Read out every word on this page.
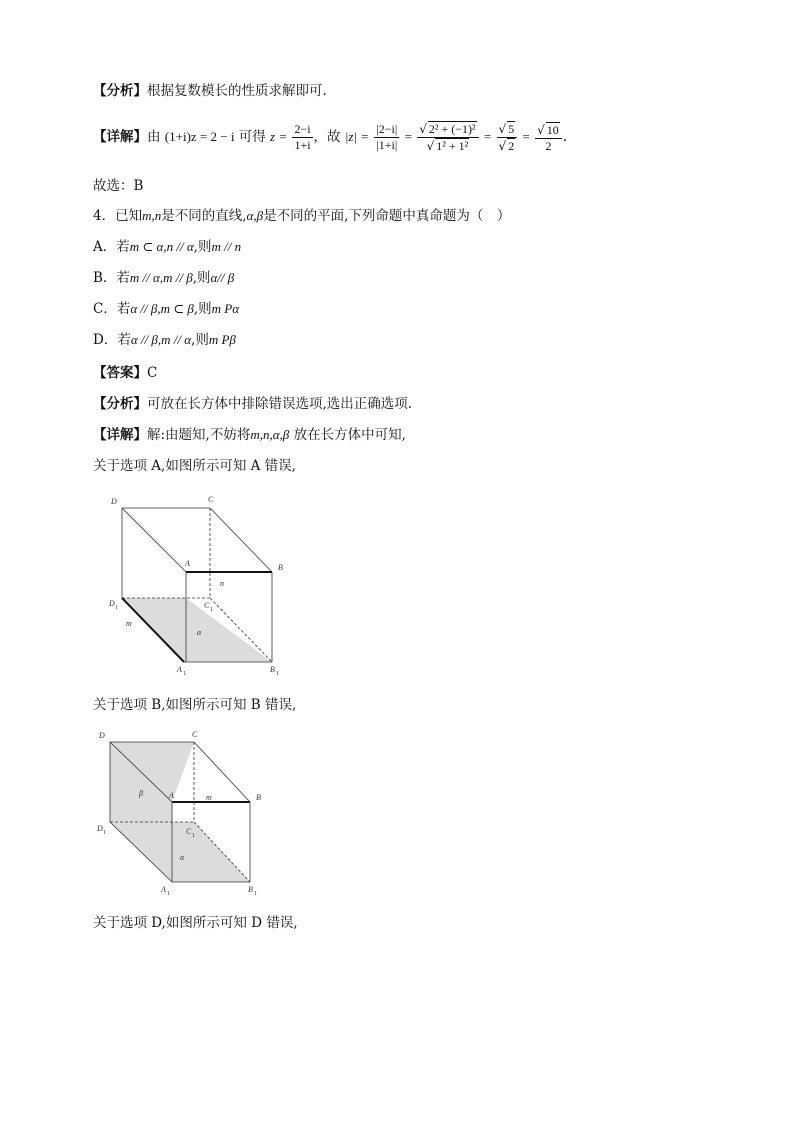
【分析】根据复数模长的性质求解即可.
【详解】由 (1+i)z = 2 − i 可得 $z = \frac{2-i}{1+i}$ ，故 $|z| = \frac{|2-i|}{|1+i|} = \frac{\text{√ 2² + (−1)²}}{\text{√ 1² + 1²}} = \frac{√ 5}{√ 2} = \frac{√ 10}{2}$ .
故选：B
4．已知m,n是不同的直线,α,β是不同的平面,下列命题中真命题为（　）
A．若m ⊂ α,n // α,则m // n
B．若m // α,m // β,则α// β
C．若α // β,m ⊂ β,则m Pα
D．若α // β,m // α,则m Pβ
【答案】C
【分析】可放在长方体中排除错误选项,选出正确选项.
【详解】解:由题知,不妨将m,n,α,β 放在长方体中可知,
关于选项 A,如图所示可知 A 错误,
D	C
A	B
D 1	C 1
A 1	B 1
n
m
α
关于选项 B,如图所示可知 B 错误,
D	C
A	B
D 1	C 1
A 1	B 1
m
β
α
关于选项 D,如图所示可知 D 错误,
